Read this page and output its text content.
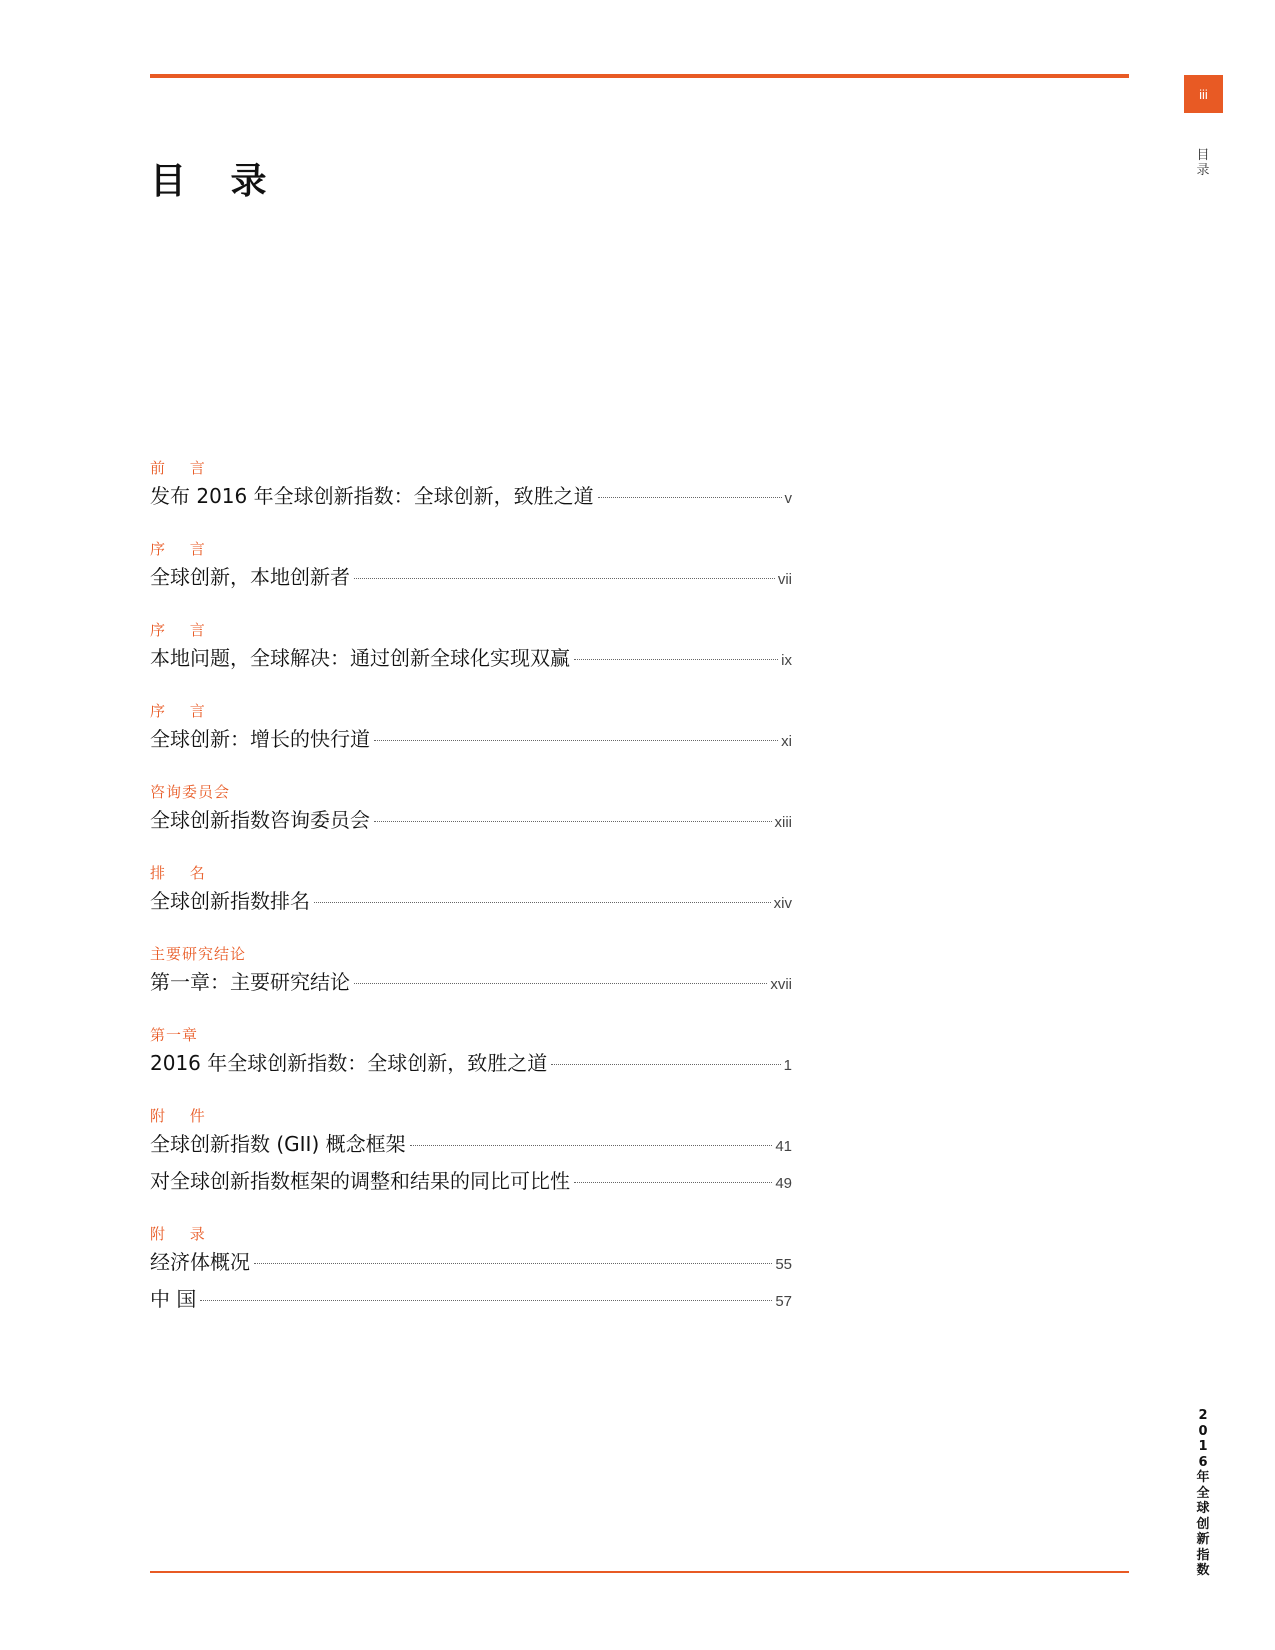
iii
目录
目 录
前 言
发布 2016 年全球创新指数：全球创新，致胜之道	v
序 言
全球创新，本地创新者	vii
序 言
本地问题，全球解决：通过创新全球化实现双赢	ix
序 言
全球创新：增长的快行道	xi
咨询委员会
全球创新指数咨询委员会	xiii
排 名
全球创新指数排名	xiv
主要研究结论
第一章：主要研究结论	xvii
第一章
2016 年全球创新指数：全球创新，致胜之道	1
附 件
全球创新指数 (GII) 概念框架	41
对全球创新指数框架的调整和结果的同比可比性	49
附 录
经济体概况	55
中 国	57
2016年全球创新指数
